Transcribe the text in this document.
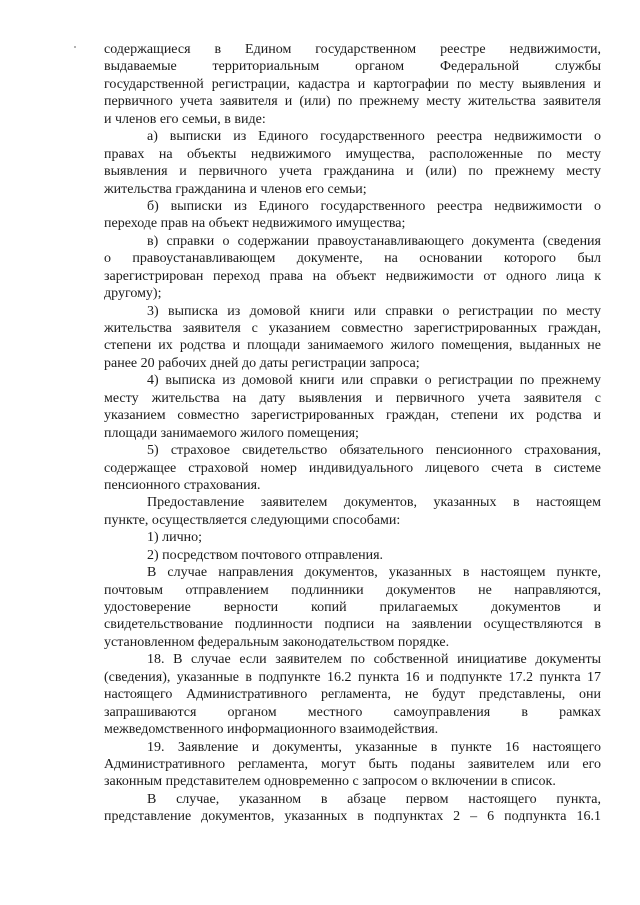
содержащиеся в Едином государственном реестре недвижимости,
выдаваемые территориальным органом Федеральной службы
государственной регистрации, кадастра и картографии по месту выявления и
первичного учета заявителя и (или) по прежнему месту жительства заявителя
и членов его семьи, в виде:
а) выписки из Единого государственного реестра недвижимости о
правах на объекты недвижимого имущества, расположенные по месту
выявления и первичного учета гражданина и (или) по прежнему месту
жительства гражданина и членов его семьи;
б) выписки из Единого государственного реестра недвижимости о
переходе прав на объект недвижимого имущества;
в) справки о содержании правоустанавливающего документа (сведения
о правоустанавливающем документе, на основании которого был
зарегистрирован переход права на объект недвижимости от одного лица к
другому);
3) выписка из домовой книги или справки о регистрации по месту
жительства заявителя с указанием совместно зарегистрированных граждан,
степени их родства и площади занимаемого жилого помещения, выданных не
ранее 20 рабочих дней до даты регистрации запроса;
4) выписка из домовой книги или справки о регистрации по прежнему
месту жительства на дату выявления и первичного учета заявителя с
указанием совместно зарегистрированных граждан, степени их родства и
площади занимаемого жилого помещения;
5) страховое свидетельство обязательного пенсионного страхования,
содержащее страховой номер индивидуального лицевого счета в системе
пенсионного страхования.
Предоставление заявителем документов, указанных в настоящем
пункте, осуществляется следующими способами:
1) лично;
2) посредством почтового отправления.
В случае направления документов, указанных в настоящем пункте,
почтовым отправлением подлинники документов не направляются,
удостоверение верности копий прилагаемых документов и
свидетельствование подлинности подписи на заявлении осуществляются в
установленном федеральным законодательством порядке.
18. В случае если заявителем по собственной инициативе документы
(сведения), указанные в подпункте 16.2 пункта 16 и подпункте 17.2 пункта 17
настоящего Административного регламента, не будут представлены, они
запрашиваются органом местного самоуправления в рамках
межведомственного информационного взаимодействия.
19. Заявление и документы, указанные в пункте 16 настоящего
Административного регламента, могут быть поданы заявителем или его
законным представителем одновременно с запросом о включении в список.
В случае, указанном в абзаце первом настоящего пункта,
представление документов, указанных в подпунктах 2 – 6 подпункта 16.1
